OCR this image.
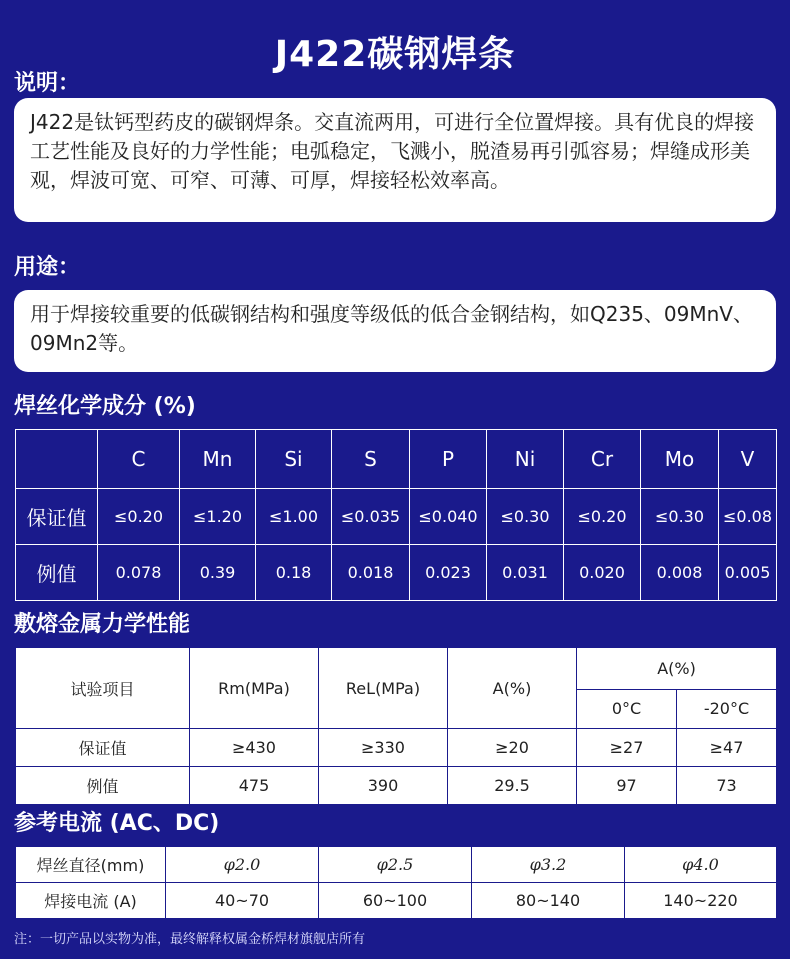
J422碳钢焊条
说明：
J422是钛钙型药皮的碳钢焊条。交直流两用，可进行全位置焊接。具有优良的焊接工艺性能及良好的力学性能；电弧稳定，飞溅小，脱渣易再引弧容易；焊缝成形美观，焊波可宽、可窄、可薄、可厚，焊接轻松效率高。
用途：
用于焊接较重要的低碳钢结构和强度等级低的低合金钢结构，如Q235、09MnV、09Mn2等。
焊丝化学成分 (%)
	C	Mn	Si	S	P	Ni	Cr	Mo	V
保证值	≤0.20	≤1.20	≤1.00	≤0.035	≤0.040	≤0.30	≤0.20	≤0.30	≤0.08
例值	0.078	0.39	0.18	0.018	0.023	0.031	0.020	0.008	0.005
敷熔金属力学性能
试验项目	Rm(MPa)	ReL(MPa)	A(%)	A(%)	
				0°C	-20°C
保证值	≥430	≥330	≥20	≥27	≥47
例值	475	390	29.5	97	73
参考电流 (AC、DC)
焊丝直径(mm)	φ2.0	φ2.5	φ3.2	φ4.0
焊接电流 (A)	40~70	60~100	80~140	140~220
注：一切产品以实物为准，最终解释权属金桥焊材旗舰店所有
